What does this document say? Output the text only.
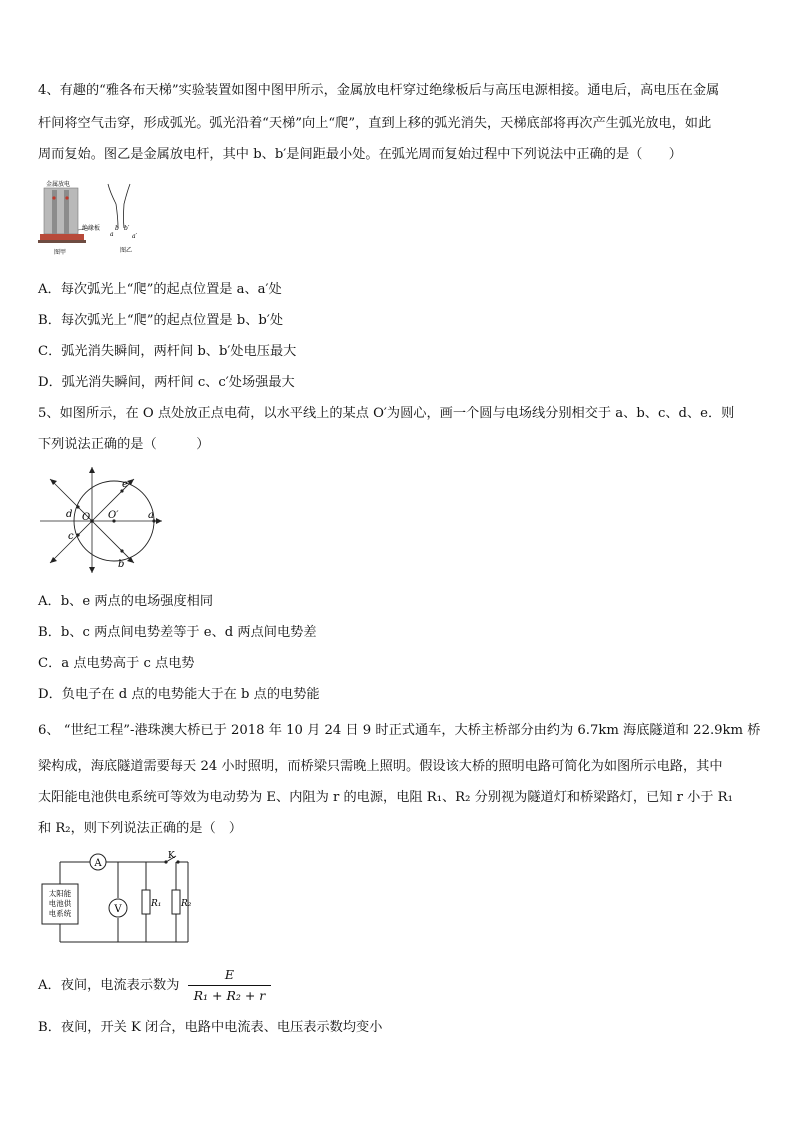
4、有趣的“雅各布天梯”实验装置如图中图甲所示，金属放电杆穿过绝缘板后与高压电源相接。通电后，高电压在金属
杆间将空气击穿，形成弧光。弧光沿着“天梯”向上“爬”，直到上移的弧光消失，天梯底部将再次产生弧光放电，如此
周而复始。图乙是金属放电杆，其中 b、b′是间距最小处。在弧光周而复始过程中下列说法中正确的是（　　）
金属放电
绝缘板
图甲
a
b b′
a′
图乙
A．每次弧光上“爬”的起点位置是 a、a′处
B．每次弧光上“爬”的起点位置是 b、b′处
C．弧光消失瞬间，两杆间 b、b′处电压最大
D．弧光消失瞬间，两杆间 c、c′处场强最大
5、如图所示，在 O 点处放正点电荷，以水平线上的某点 O′为圆心，画一个圆与电场线分别相交于 a、b、c、d、e．则
下列说法正确的是（　　　）
e
d O O′	a
c
b
A．b、e 两点的电场强度相同
B．b、c 两点间电势差等于 e、d 两点间电势差
C．a 点电势高于 c 点电势
D．负电子在 d 点的电势能大于在 b 点的电势能
6、 “世纪工程”-港珠澳大桥已于 2018 年 10 月 24 日 9 时正式通车，大桥主桥部分由约为 6.7km 海底隧道和 22.9km 桥
梁构成，海底隧道需要每天 24 小时照明，而桥梁只需晚上照明。假设该大桥的照明电路可简化为如图所示电路，其中
太阳能电池供电系统可等效为电动势为 E、内阻为 r 的电源，电阻 R₁、R₂ 分别视为隧道灯和桥梁路灯，已知 r 小于 R₁
和 R₂，则下列说法正确的是（　）
太阳能
电池供
电系统
A
V	R₁ R₂
K
A．夜间，电流表示数为 $\frac{E}{\text{R₁ + R₂ + r}}$
B．夜间，开关 K 闭合，电路中电流表、电压表示数均变小
